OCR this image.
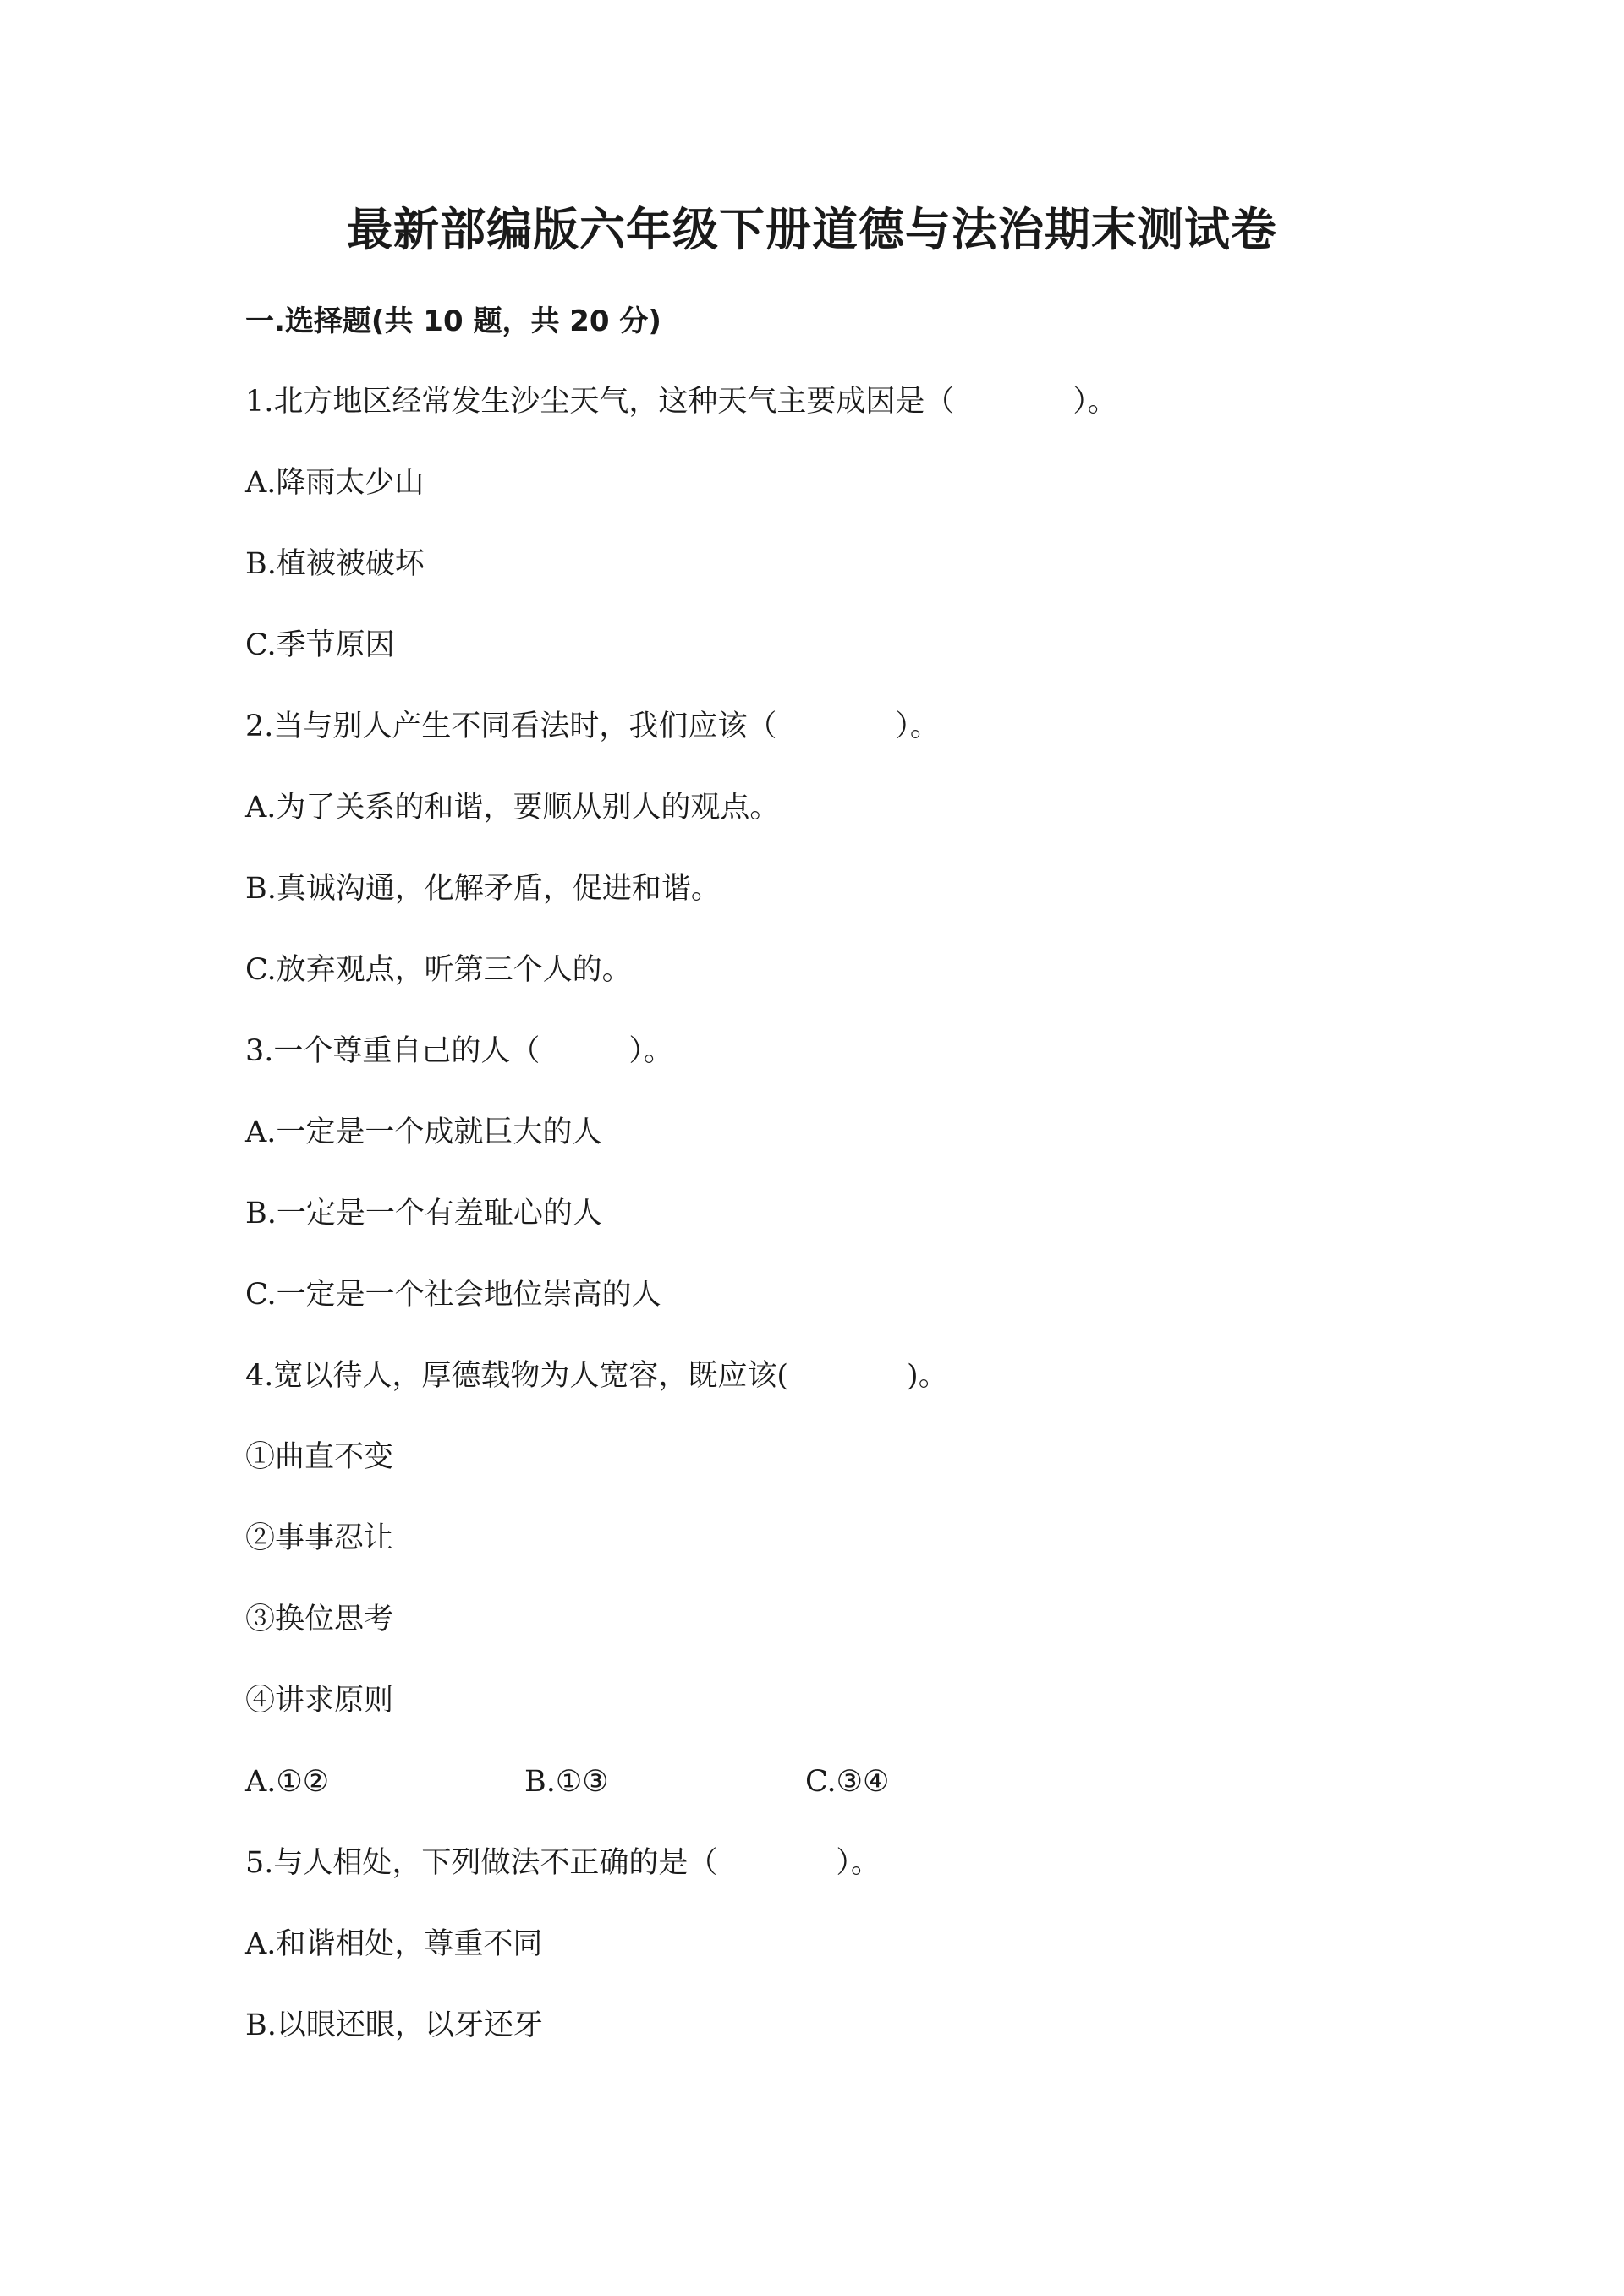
最新部编版六年级下册道德与法治期末测试卷
一.选择题(共 10 题，共 20 分)
1.北方地区经常发生沙尘天气，这种天气主要成因是（　　　　）。
A.降雨太少山
B.植被被破坏
C.季节原因
2.当与别人产生不同看法时，我们应该（　　　　）。
A.为了关系的和谐，要顺从别人的观点。
B.真诚沟通，化解矛盾，促进和谐。
C.放弃观点，听第三个人的。
3.一个尊重自己的人（　　　）。
A.一定是一个成就巨大的人
B.一定是一个有羞耻心的人
C.一定是一个社会地位崇高的人
4.宽以待人，厚德载物为人宽容，既应该(　　　　)。
①曲直不变
②事事忍让
③换位思考
④讲求原则
A.①②	B.①③	C.③④
5.与人相处，下列做法不正确的是（　　　　）。
A.和谐相处，尊重不同
B.以眼还眼，以牙还牙
